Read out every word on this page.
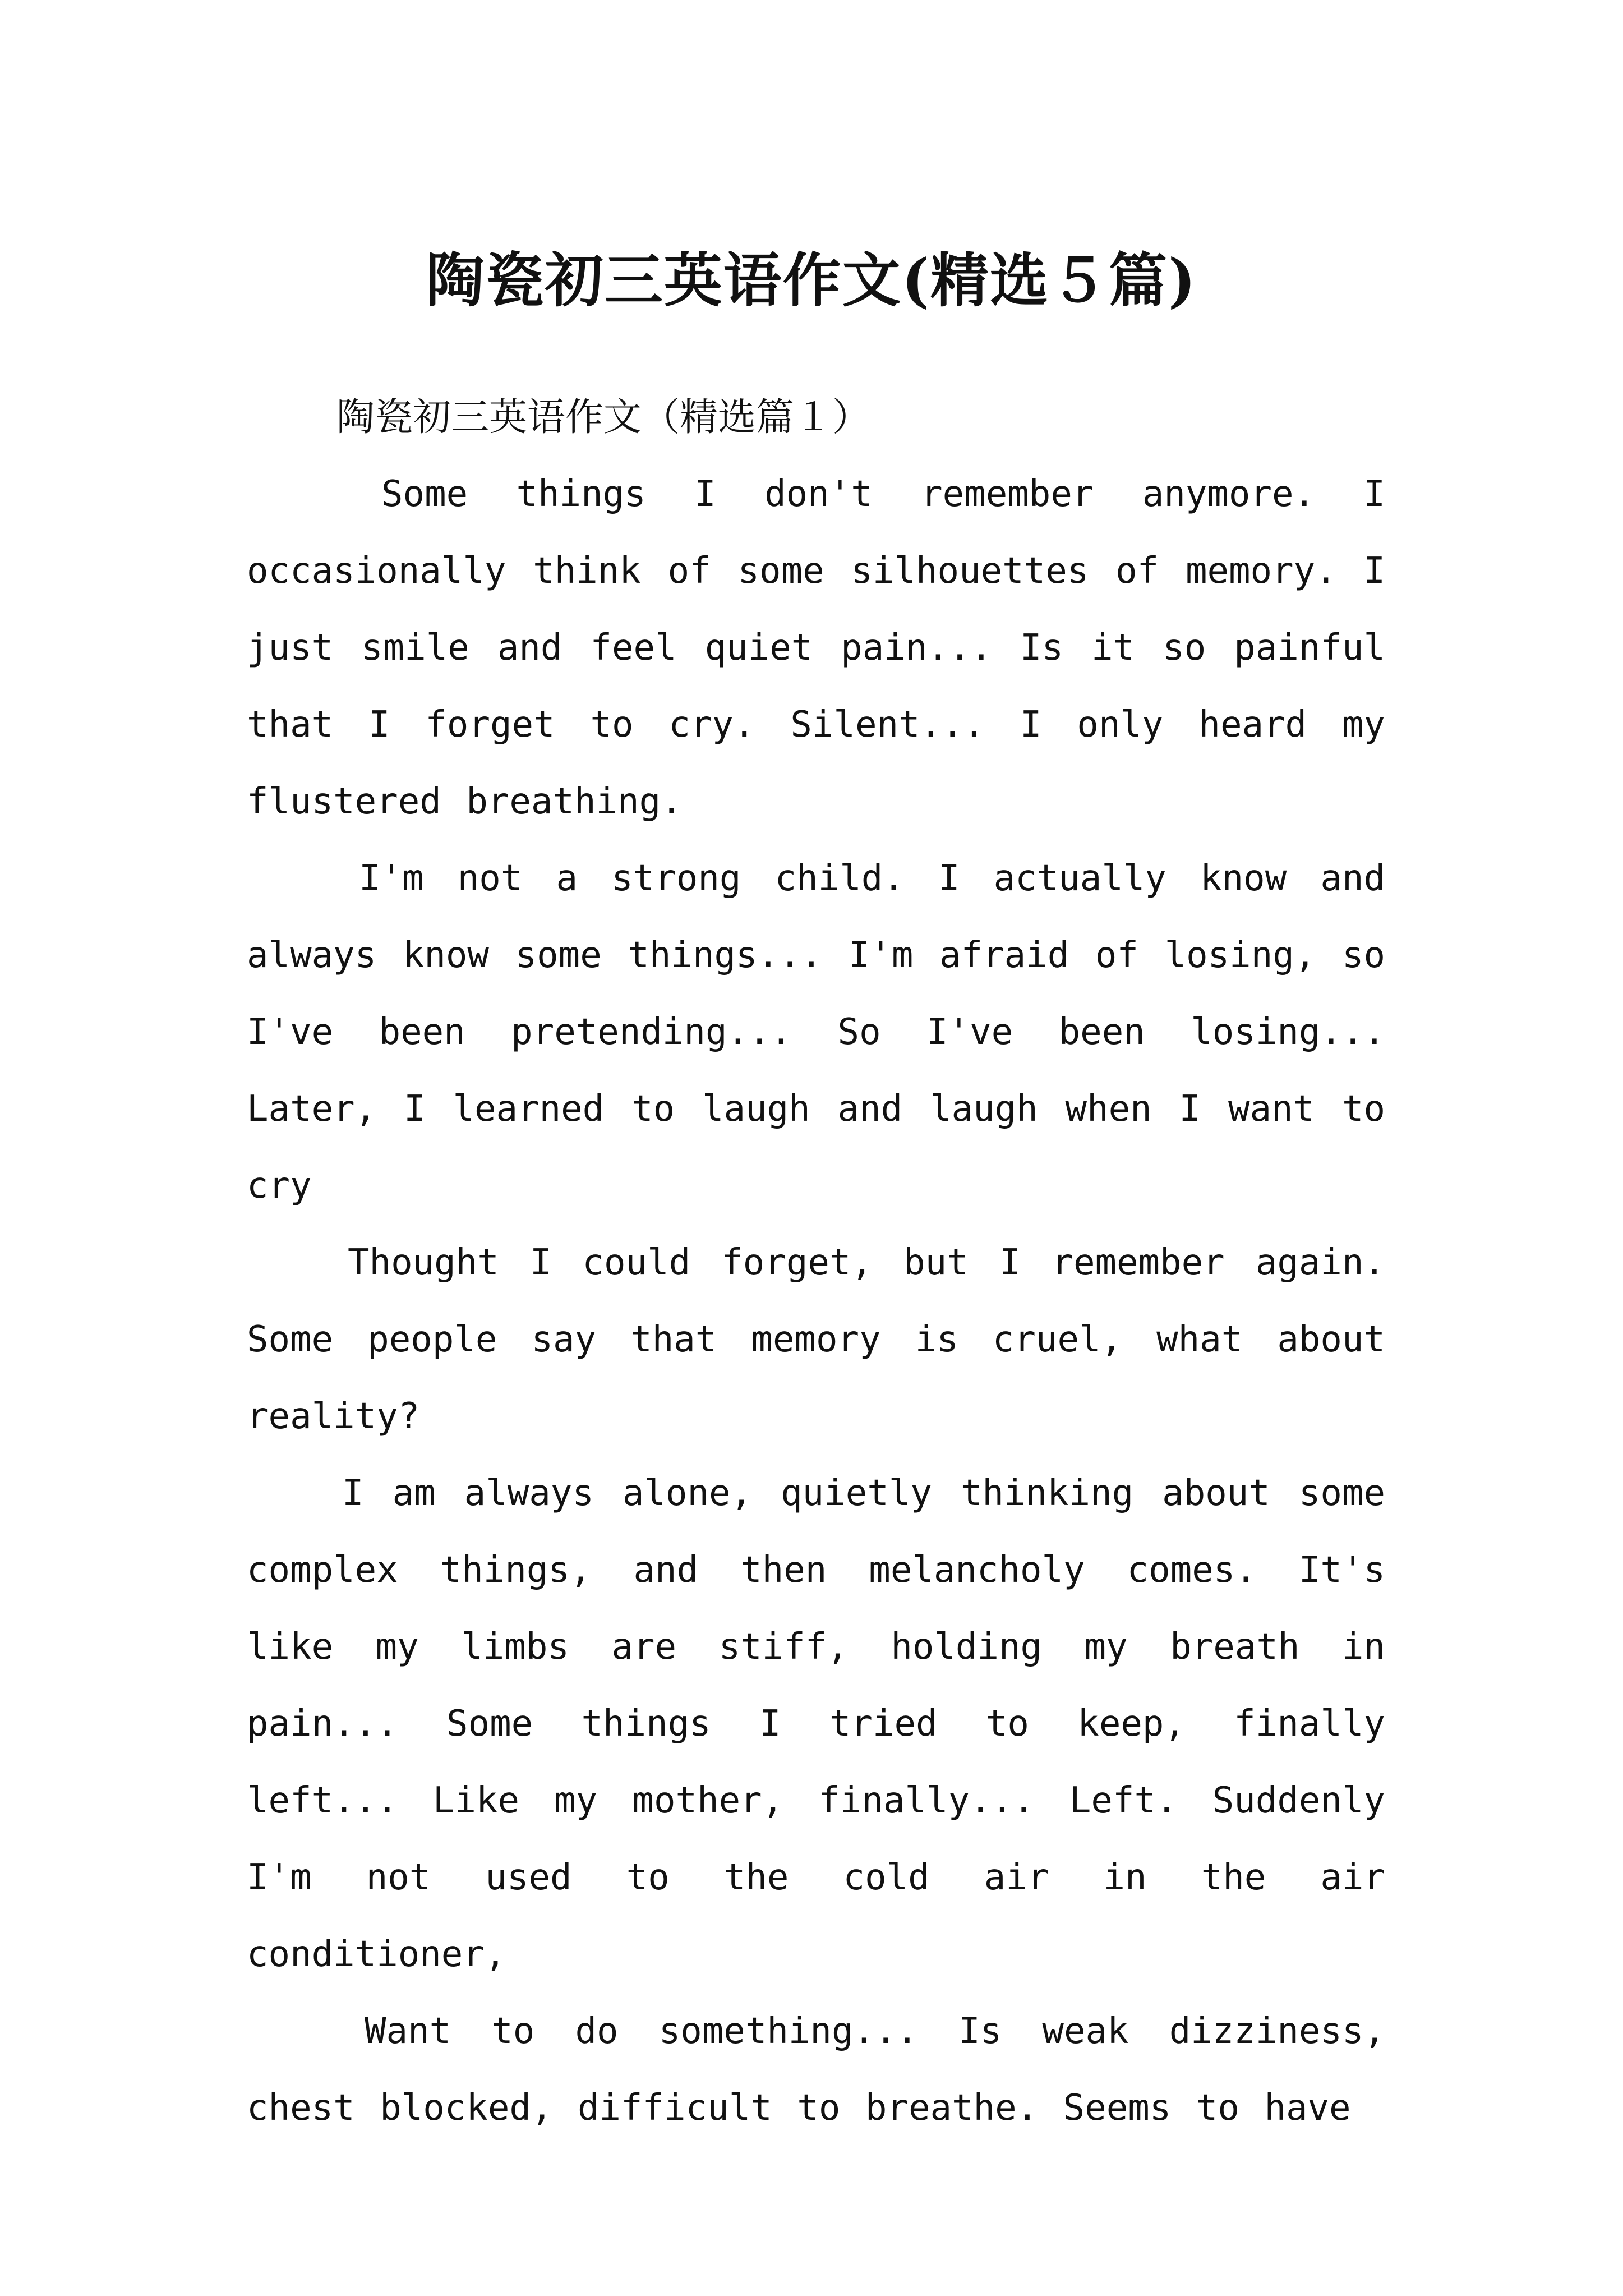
陶瓷初三英语作文(精选５篇)

陶瓷初三英语作文（精选篇１）

Some things I don't remember anymore. I occasionally think of some silhouettes of memory. I just smile and feel quiet pain... Is it so painful that I forget to cry. Silent... I only heard my flustered breathing.

I'm not a strong child. I actually know and always know some things... I'm afraid of losing, so I've been pretending... So I've been losing... Later, I learned to laugh and laugh when I want to cry

Thought I could forget, but I remember again. Some people say that memory is cruel, what about reality?

I am always alone, quietly thinking about some complex things, and then melancholy comes. It's like my limbs are stiff, holding my breath in pain... Some things I tried to keep, finally left... Like my mother, finally... Left. Suddenly I'm not used to the cold air in the air conditioner,

Want to do something... Is weak dizziness, chest blocked, difficult to breathe. Seems to have
